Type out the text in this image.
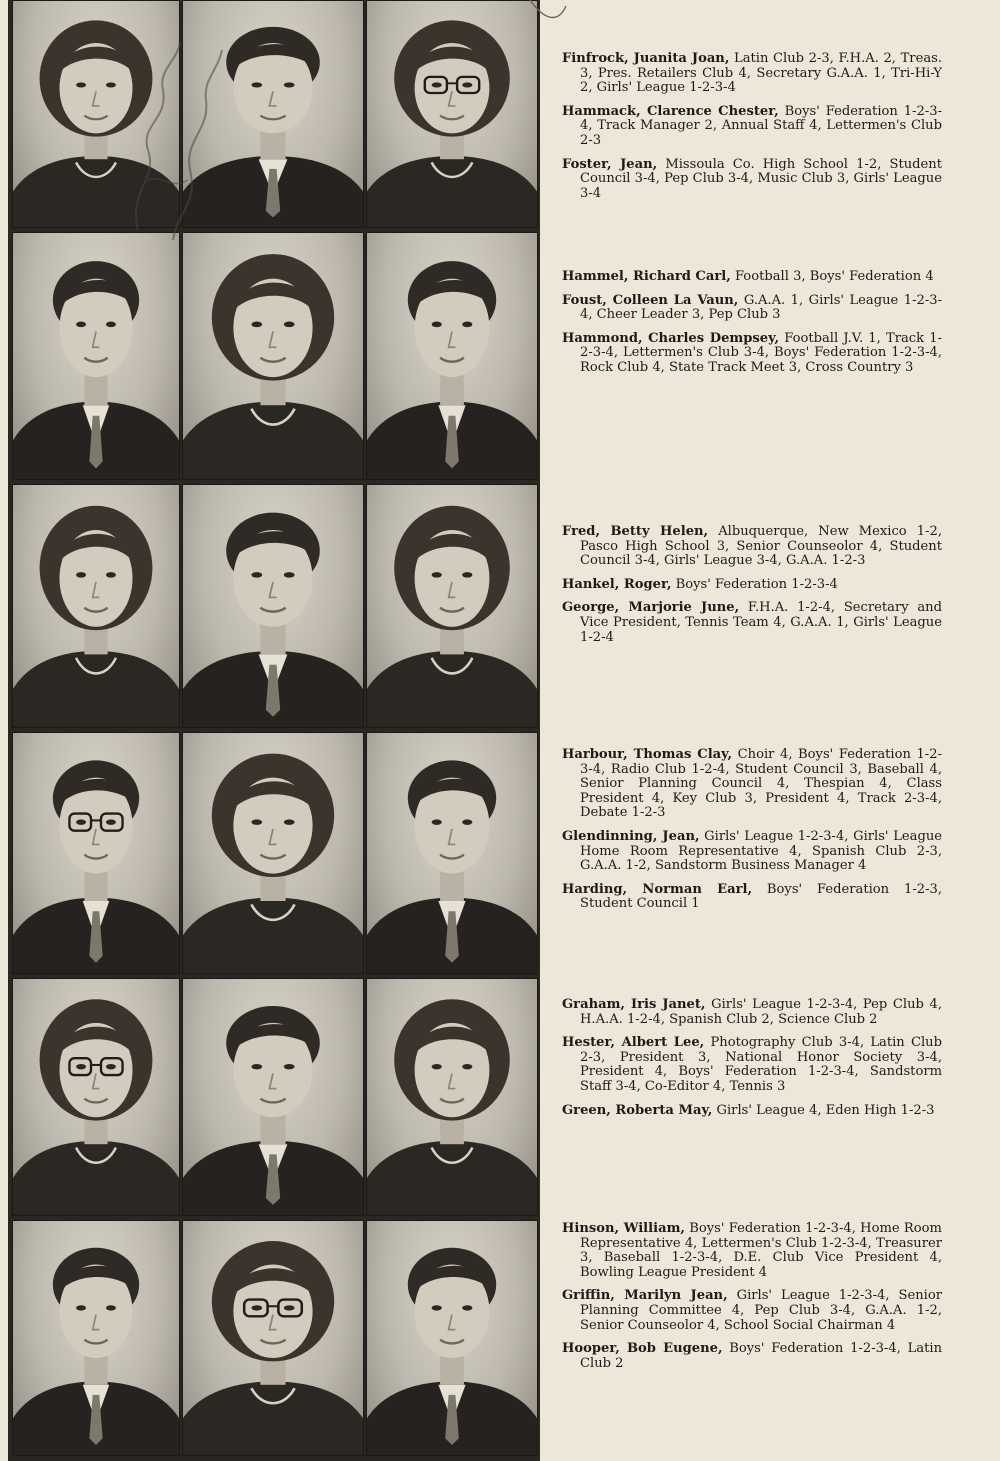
Finfrock, Juanita Joan, Latin Club 2-3, F.H.A. 2, Treas. 3, Pres. Retailers Club 4, Secretary G.A.A. 1, Tri-Hi-Y 2, Girls' League 1-2-3-4

Hammack, Clarence Chester, Boys' Federation 1-2-3-4, Track Manager 2, Annual Staff 4, Lettermen's Club 2-3

Foster, Jean, Missoula Co. High School 1-2, Student Council 3-4, Pep Club 3-4, Music Club 3, Girls' League 3-4

Hammel, Richard Carl, Football 3, Boys' Federation 4

Foust, Colleen La Vaun, G.A.A. 1, Girls' League 1-2-3-4, Cheer Leader 3, Pep Club 3

Hammond, Charles Dempsey, Football J.V. 1, Track 1-2-3-4, Lettermen's Club 3-4, Boys' Federation 1-2-3-4, Rock Club 4, State Track Meet 3, Cross Country 3

Fred, Betty Helen, Albuquerque, New Mexico 1-2, Pasco High School 3, Senior Counseolor 4, Student Council 3-4, Girls' League 3-4, G.A.A. 1-2-3

Hankel, Roger, Boys' Federation 1-2-3-4

George, Marjorie June, F.H.A. 1-2-4, Secretary and Vice President, Tennis Team 4, G.A.A. 1, Girls' League 1-2-4

Harbour, Thomas Clay, Choir 4, Boys' Federation 1-2-3-4, Radio Club 1-2-4, Student Council 3, Baseball 4, Senior Planning Council 4, Thespian 4, Class President 4, Key Club 3, President 4, Track 2-3-4, Debate 1-2-3

Glendinning, Jean, Girls' League 1-2-3-4, Girls' League Home Room Representative 4, Spanish Club 2-3, G.A.A. 1-2, Sandstorm Business Manager 4

Harding, Norman Earl, Boys' Federation 1-2-3, Student Council 1

Graham, Iris Janet, Girls' League 1-2-3-4, Pep Club 4, H.A.A. 1-2-4, Spanish Club 2, Science Club 2

Hester, Albert Lee, Photography Club 3-4, Latin Club 2-3, President 3, National Honor Society 3-4, President 4, Boys' Federation 1-2-3-4, Sandstorm Staff 3-4, Co-Editor 4, Tennis 3

Green, Roberta May, Girls' League 4, Eden High 1-2-3

Hinson, William, Boys' Federation 1-2-3-4, Home Room Representative 4, Lettermen's Club 1-2-3-4, Treasurer 3, Baseball 1-2-3-4, D.E. Club Vice President 4, Bowling League President 4

Griffin, Marilyn Jean, Girls' League 1-2-3-4, Senior Planning Committee 4, Pep Club 3-4, G.A.A. 1-2, Senior Counseolor 4, School Social Chairman 4

Hooper, Bob Eugene, Boys' Federation 1-2-3-4, Latin Club 2
